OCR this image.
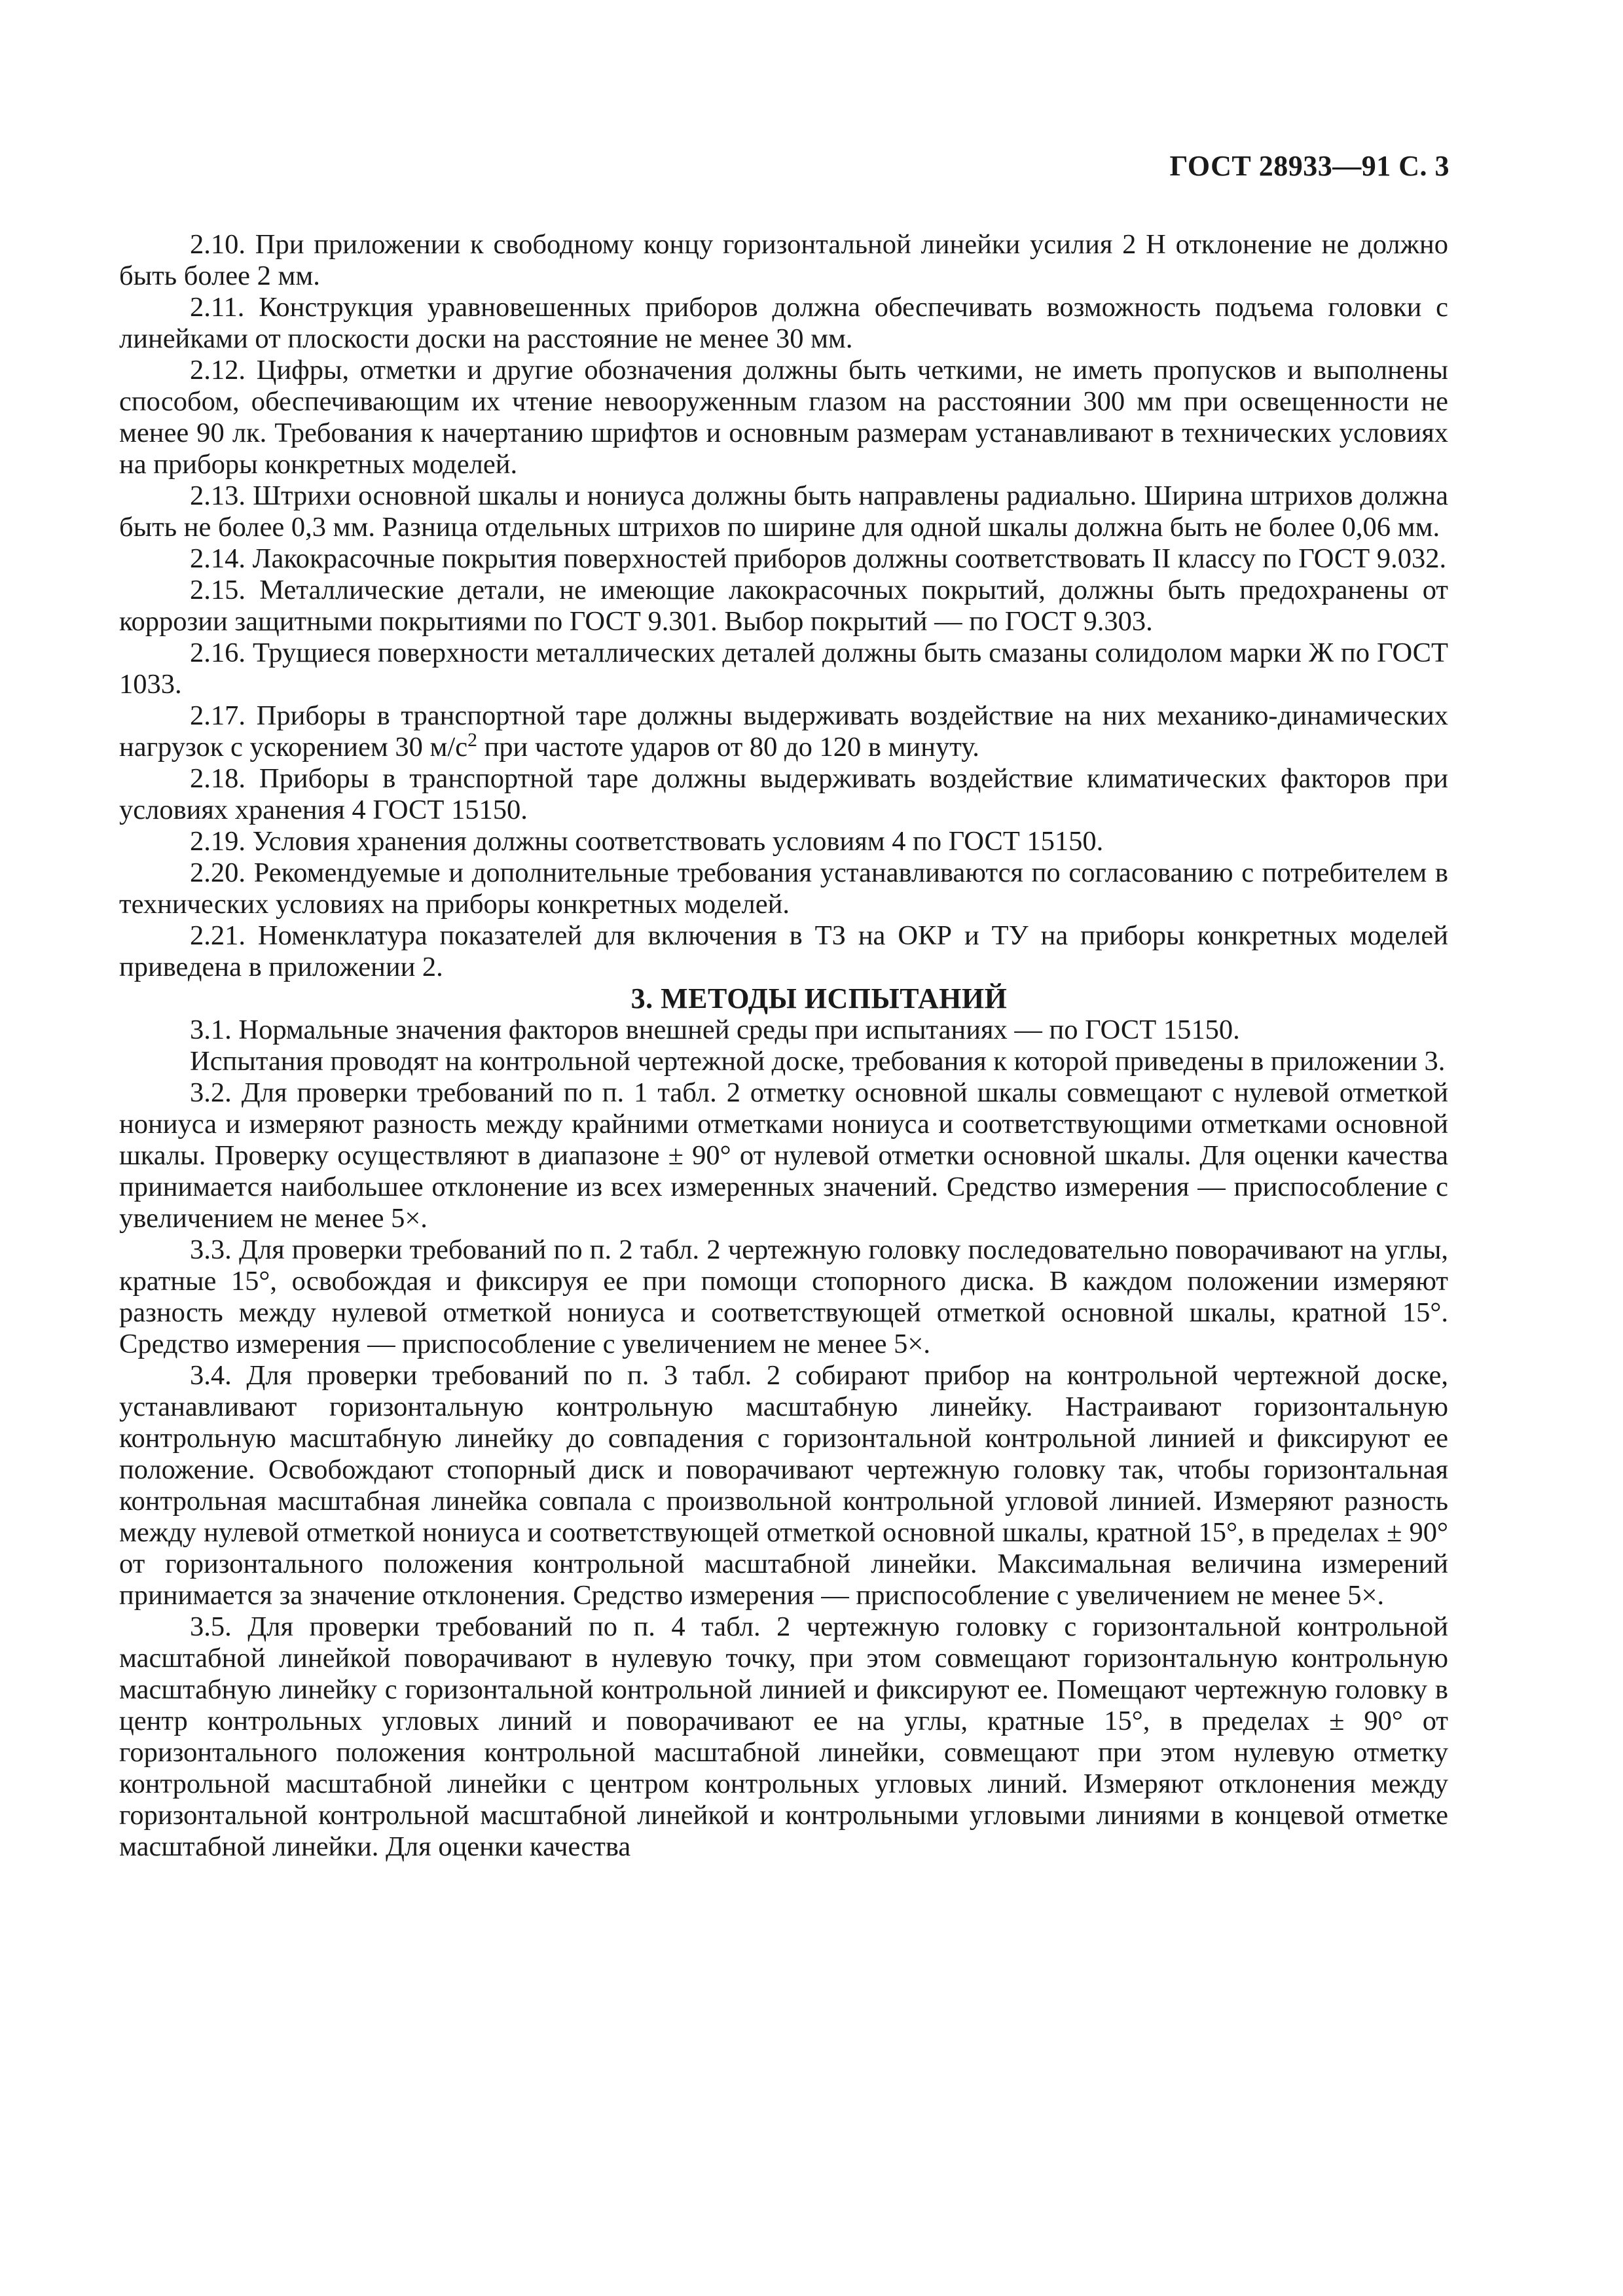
ГОСТ 28933—91 С. 3

2.10. При приложении к свободному концу горизонтальной линейки усилия 2 Н отклонение не должно быть более 2 мм.

2.11. Конструкция уравновешенных приборов должна обеспечивать возможность подъема головки с линейками от плоскости доски на расстояние не менее 30 мм.

2.12. Цифры, отметки и другие обозначения должны быть четкими, не иметь пропусков и выполнены способом, обеспечивающим их чтение невооруженным глазом на расстоянии 300 мм при освещенности не менее 90 лк. Требования к начертанию шрифтов и основным размерам устанавливают в технических условиях на приборы конкретных моделей.

2.13. Штрихи основной шкалы и нониуса должны быть направлены радиально. Ширина штрихов должна быть не более 0,3 мм. Разница отдельных штрихов по ширине для одной шкалы должна быть не более 0,06 мм.

2.14. Лакокрасочные покрытия поверхностей приборов должны соответствовать II классу по ГОСТ 9.032.

2.15. Металлические детали, не имеющие лакокрасочных покрытий, должны быть предохранены от коррозии защитными покрытиями по ГОСТ 9.301. Выбор покрытий — по ГОСТ 9.303.

2.16. Трущиеся поверхности металлических деталей должны быть смазаны солидолом марки Ж по ГОСТ 1033.

2.17. Приборы в транспортной таре должны выдерживать воздействие на них механико-динамических нагрузок с ускорением 30 $м/с^2$ при частоте ударов от 80 до 120 в минуту.

2.18. Приборы в транспортной таре должны выдерживать воздействие климатических факторов при условиях хранения 4 ГОСТ 15150.

2.19. Условия хранения должны соответствовать условиям 4 по ГОСТ 15150.

2.20. Рекомендуемые и дополнительные требования устанавливаются по согласованию с потребителем в технических условиях на приборы конкретных моделей.

2.21. Номенклатура показателей для включения в ТЗ на ОКР и ТУ на приборы конкретных моделей приведена в приложении 2.

3. МЕТОДЫ ИСПЫТАНИЙ

3.1. Нормальные значения факторов внешней среды при испытаниях — по ГОСТ 15150.

Испытания проводят на контрольной чертежной доске, требования к которой приведены в приложении 3.

3.2. Для проверки требований по п. 1 табл. 2 отметку основной шкалы совмещают с нулевой отметкой нониуса и измеряют разность между крайними отметками нониуса и соответствующими отметками основной шкалы. Проверку осуществляют в диапазоне ± 90° от нулевой отметки основной шкалы. Для оценки качества принимается наибольшее отклонение из всех измеренных значений. Средство измерения — приспособление с увеличением не менее 5×.

3.3. Для проверки требований по п. 2 табл. 2 чертежную головку последовательно поворачивают на углы, кратные 15°, освобождая и фиксируя ее при помощи стопорного диска. В каждом положении измеряют разность между нулевой отметкой нониуса и соответствующей отметкой основной шкалы, кратной 15°. Средство измерения — приспособление с увеличением не менее 5×.

3.4. Для проверки требований по п. 3 табл. 2 собирают прибор на контрольной чертежной доске, устанавливают горизонтальную контрольную масштабную линейку. Настраивают горизонтальную контрольную масштабную линейку до совпадения с горизонтальной контрольной линией и фиксируют ее положение. Освобождают стопорный диск и поворачивают чертежную головку так, чтобы горизонтальная контрольная масштабная линейка совпала с произвольной контрольной угловой линией. Измеряют разность между нулевой отметкой нониуса и соответствующей отметкой основной шкалы, кратной 15°, в пределах ± 90° от горизонтального положения контрольной масштабной линейки. Максимальная величина измерений принимается за значение отклонения. Средство измерения — приспособление с увеличением не менее 5×.

3.5. Для проверки требований по п. 4 табл. 2 чертежную головку с горизонтальной контрольной масштабной линейкой поворачивают в нулевую точку, при этом совмещают горизонтальную контрольную масштабную линейку с горизонтальной контрольной линией и фиксируют ее. Помещают чертежную головку в центр контрольных угловых линий и поворачивают ее на углы, кратные 15°, в пределах ± 90° от горизонтального положения контрольной масштабной линейки, совмещают при этом нулевую отметку контрольной масштабной линейки с центром контрольных угловых линий. Измеряют отклонения между горизонтальной контрольной масштабной линейкой и контрольными угловыми линиями в концевой отметке масштабной линейки. Для оценки качества
